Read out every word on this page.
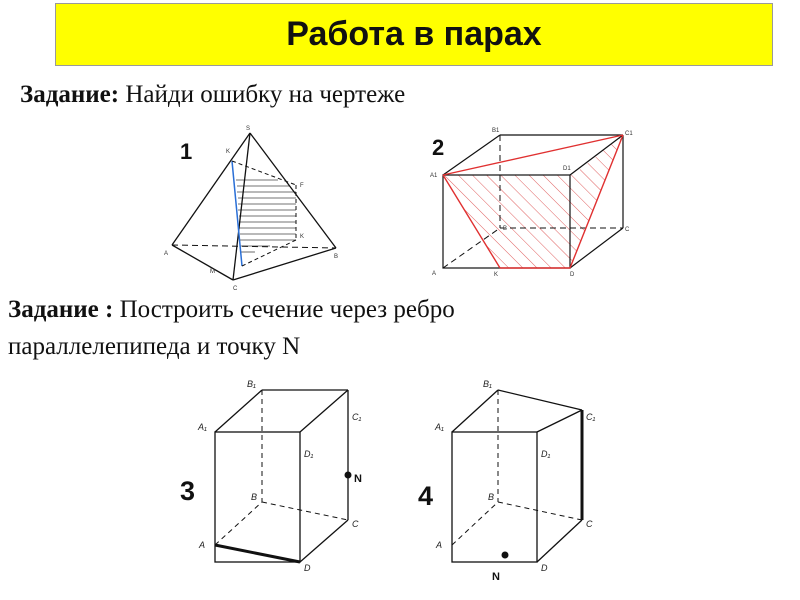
Работа в парах
Задание: Найди ошибку на чертеже
Задание : Построить сечение через ребро
параллелепипеда и точку N
1
S
K
F
A
M
C
K
B
2
B1	C1
A1
D1
B	C
A	K	D
3
B₁
A₁
C₁
D₁
B
C
A
D
N
4
B₁
A₁
C₁
D₁
B
C
A
D
N
